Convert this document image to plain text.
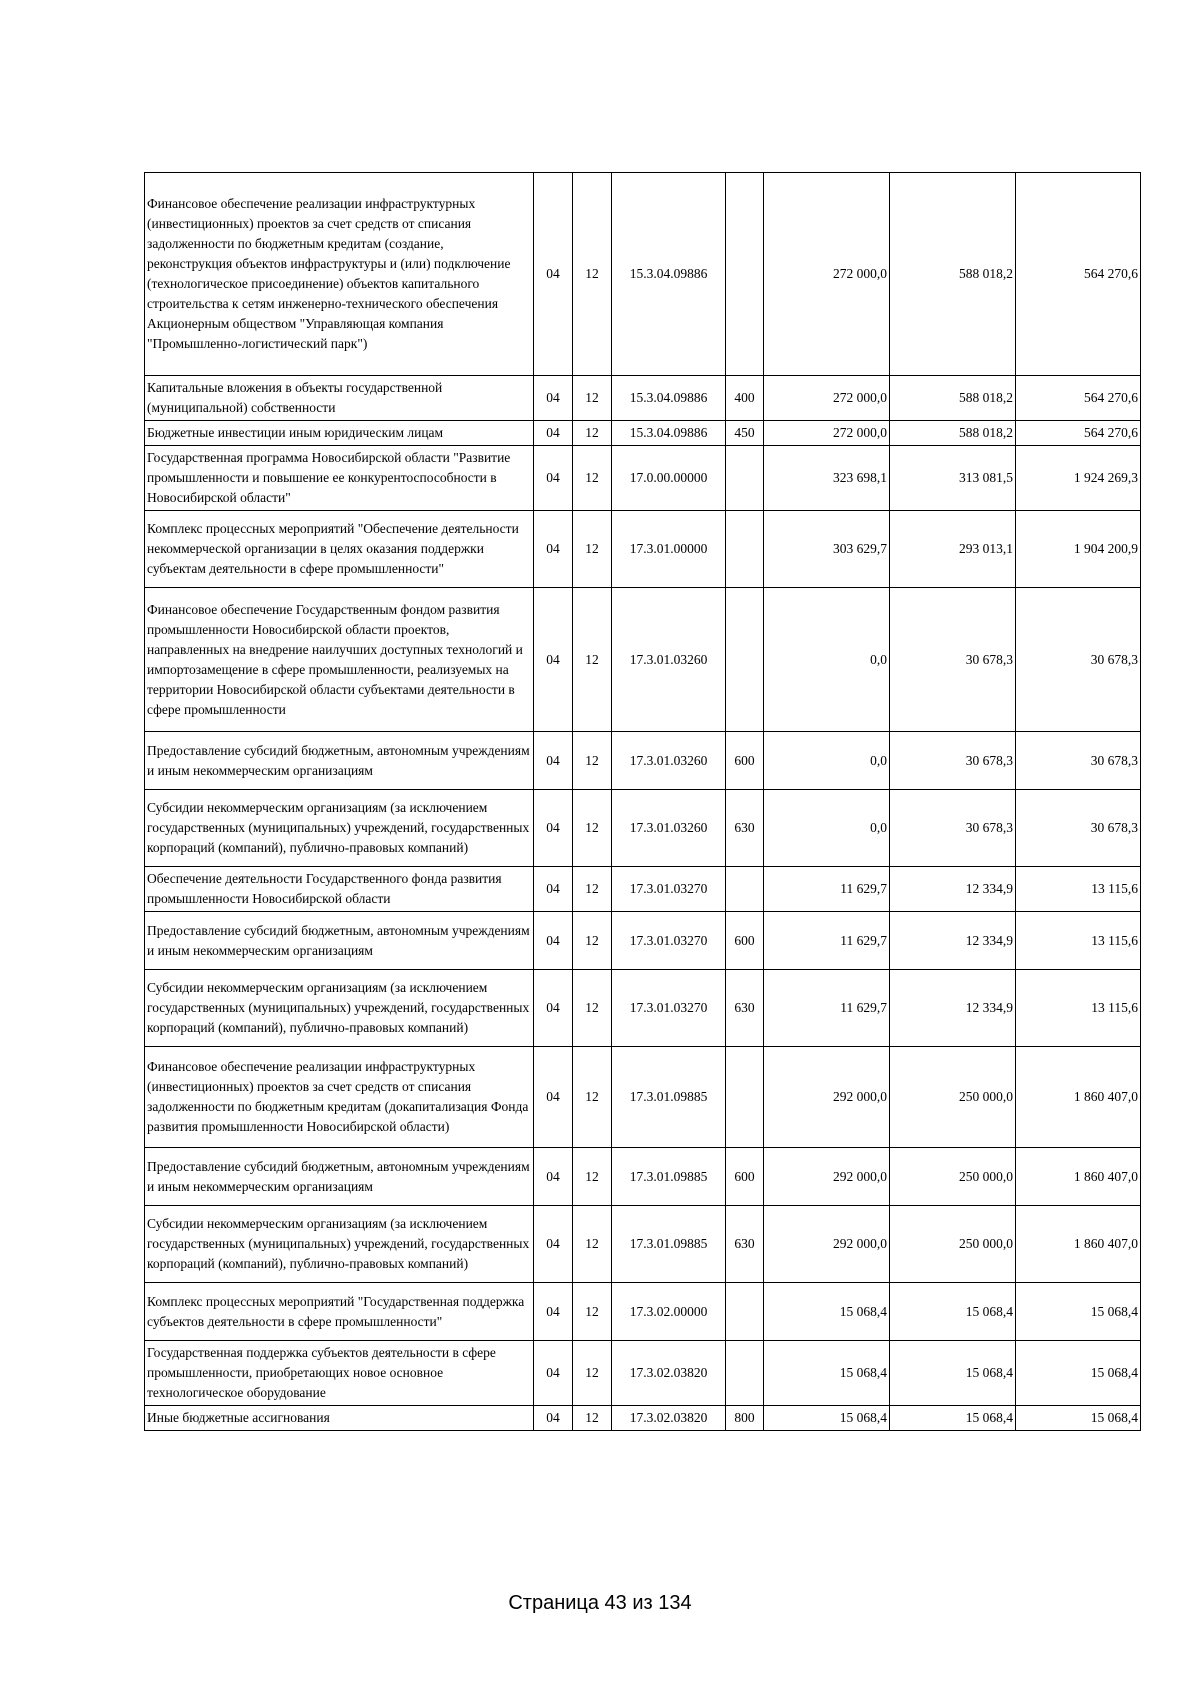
Финансовое обеспечение реализации инфраструктурных (инвестиционных) проектов за счет средств от списания задолженности по бюджетным кредитам (создание, реконструкция объектов инфраструктуры и (или) подключение (технологическое присоединение) объектов капитального строительства к сетям инженерно-технического обеспечения Акционерным обществом "Управляющая компания "Промышленно-логистический парк")	04	12	15.3.04.09886		272 000,0	588 018,2	564 270,6
Капитальные вложения в объекты государственной (муниципальной) собственности	04	12	15.3.04.09886	400	272 000,0	588 018,2	564 270,6
Бюджетные инвестиции иным юридическим лицам	04	12	15.3.04.09886	450	272 000,0	588 018,2	564 270,6
Государственная программа Новосибирской области "Развитие промышленности и повышение ее конкурентоспособности в Новосибирской области"	04	12	17.0.00.00000		323 698,1	313 081,5	1 924 269,3
Комплекс процессных мероприятий "Обеспечение деятельности некоммерческой организации в целях оказания поддержки субъектам деятельности в сфере промышленности"	04	12	17.3.01.00000		303 629,7	293 013,1	1 904 200,9
Финансовое обеспечение Государственным фондом развития промышленности Новосибирской области проектов, направленных на внедрение наилучших доступных технологий и импортозамещение в сфере промышленности, реализуемых на территории Новосибирской области субъектами деятельности в сфере промышленности	04	12	17.3.01.03260		0,0	30 678,3	30 678,3
Предоставление субсидий бюджетным, автономным учреждениям и иным некоммерческим организациям	04	12	17.3.01.03260	600	0,0	30 678,3	30 678,3
Субсидии некоммерческим организациям (за исключением государственных (муниципальных) учреждений, государственных корпораций (компаний), публично-правовых компаний)	04	12	17.3.01.03260	630	0,0	30 678,3	30 678,3
Обеспечение деятельности Государственного фонда развития промышленности Новосибирской области	04	12	17.3.01.03270		11 629,7	12 334,9	13 115,6
Предоставление субсидий бюджетным, автономным учреждениям и иным некоммерческим организациям	04	12	17.3.01.03270	600	11 629,7	12 334,9	13 115,6
Субсидии некоммерческим организациям (за исключением государственных (муниципальных) учреждений, государственных корпораций (компаний), публично-правовых компаний)	04	12	17.3.01.03270	630	11 629,7	12 334,9	13 115,6
Финансовое обеспечение реализации инфраструктурных (инвестиционных) проектов за счет средств от списания задолженности по бюджетным кредитам (докапитализация Фонда развития промышленности Новосибирской области)	04	12	17.3.01.09885		292 000,0	250 000,0	1 860 407,0
Предоставление субсидий бюджетным, автономным учреждениям и иным некоммерческим организациям	04	12	17.3.01.09885	600	292 000,0	250 000,0	1 860 407,0
Субсидии некоммерческим организациям (за исключением государственных (муниципальных) учреждений, государственных корпораций (компаний), публично-правовых компаний)	04	12	17.3.01.09885	630	292 000,0	250 000,0	1 860 407,0
Комплекс процессных мероприятий "Государственная поддержка субъектов деятельности в сфере промышленности"	04	12	17.3.02.00000		15 068,4	15 068,4	15 068,4
Государственная поддержка субъектов деятельности в сфере промышленности, приобретающих новое основное технологическое оборудование	04	12	17.3.02.03820		15 068,4	15 068,4	15 068,4
Иные бюджетные ассигнования	04	12	17.3.02.03820	800	15 068,4	15 068,4	15 068,4
Страница 43 из 134
